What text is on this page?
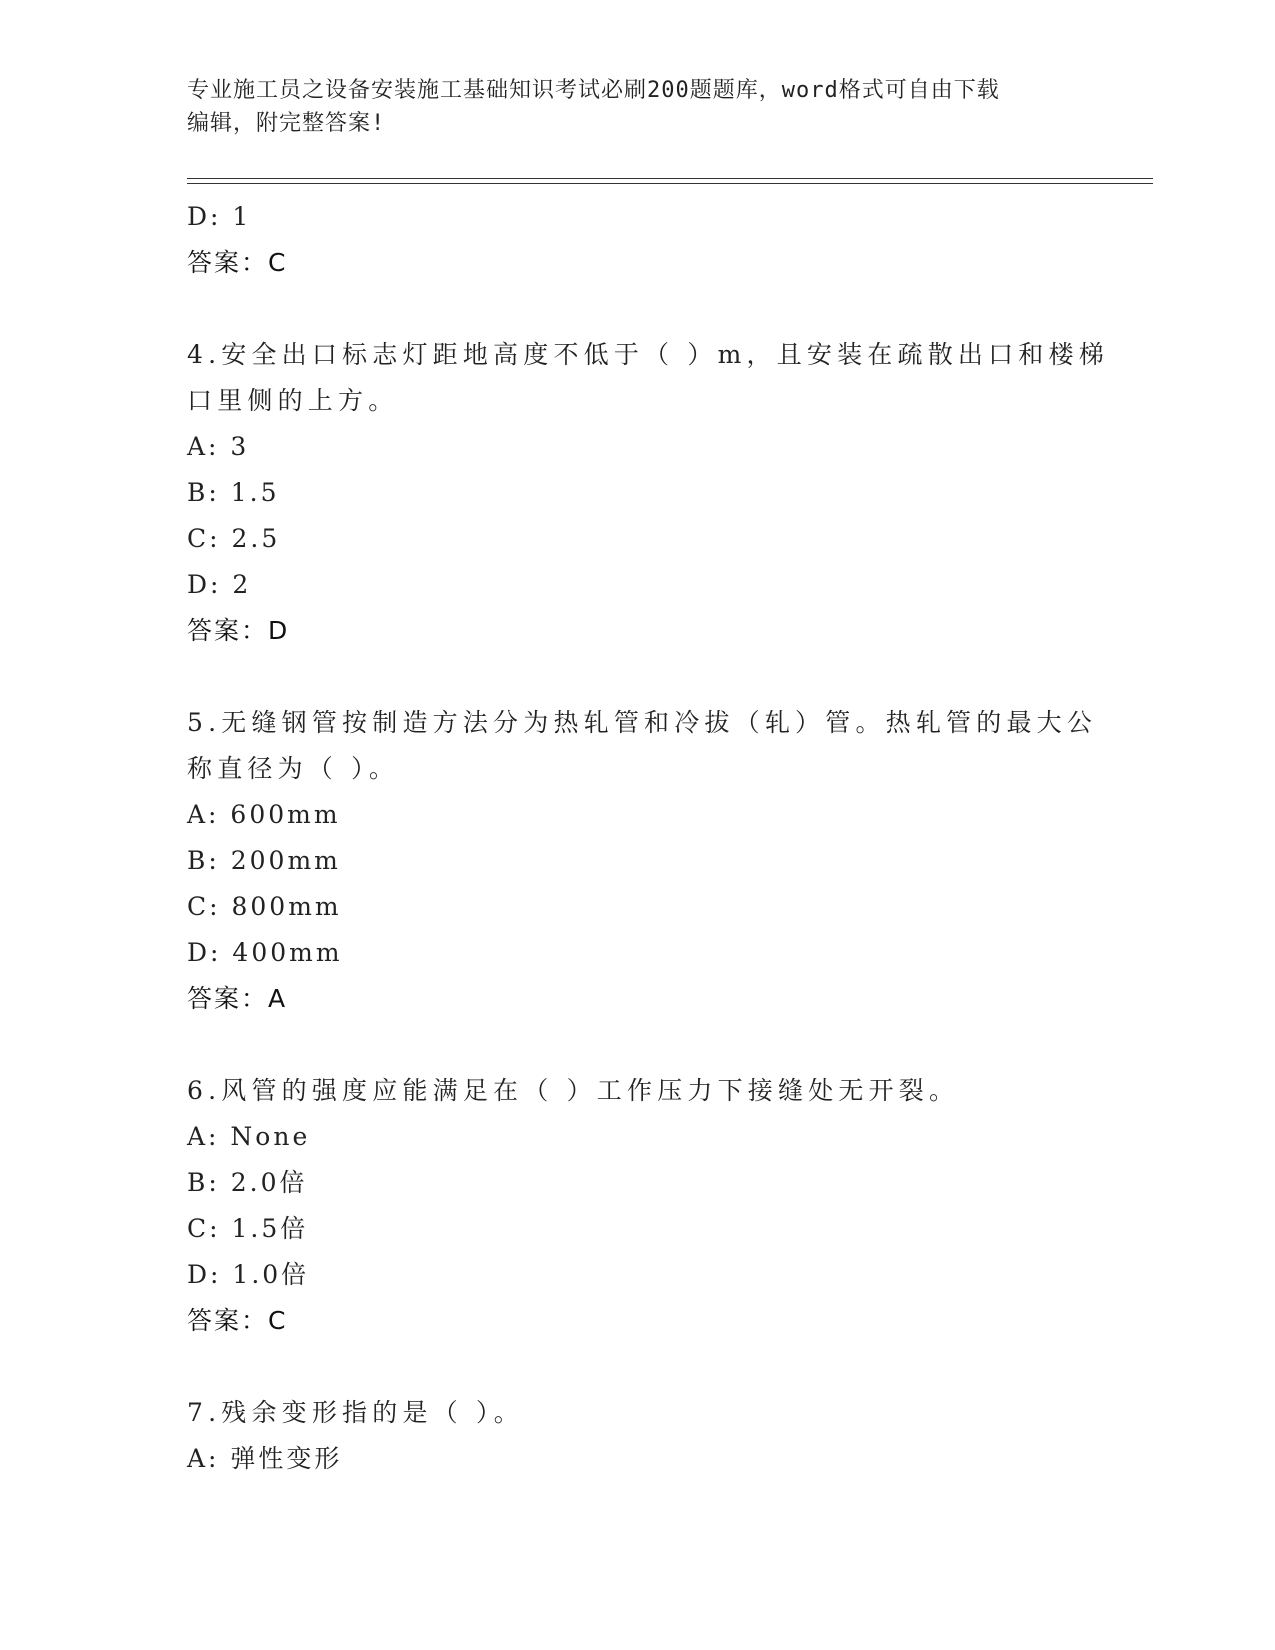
专业施工员之设备安装施工基础知识考试必刷200题题库，word格式可自由下载
编辑，附完整答案!
D: 1
答案：C
4.安全出口标志灯距地高度不低于（ ）m，且安装在疏散出口和楼梯
口里侧的上方。
A: 3
B: 1.5
C: 2.5
D: 2
答案：D
5.无缝钢管按制造方法分为热轧管和冷拔（轧）管。热轧管的最大公
称直径为（ ）。
A: 600mm
B: 200mm
C: 800mm
D: 400mm
答案：A
6.风管的强度应能满足在（ ）工作压力下接缝处无开裂。
A: None
B: 2.0倍
C: 1.5倍
D: 1.0倍
答案：C
7.残余变形指的是（ ）。
A: 弹性变形
